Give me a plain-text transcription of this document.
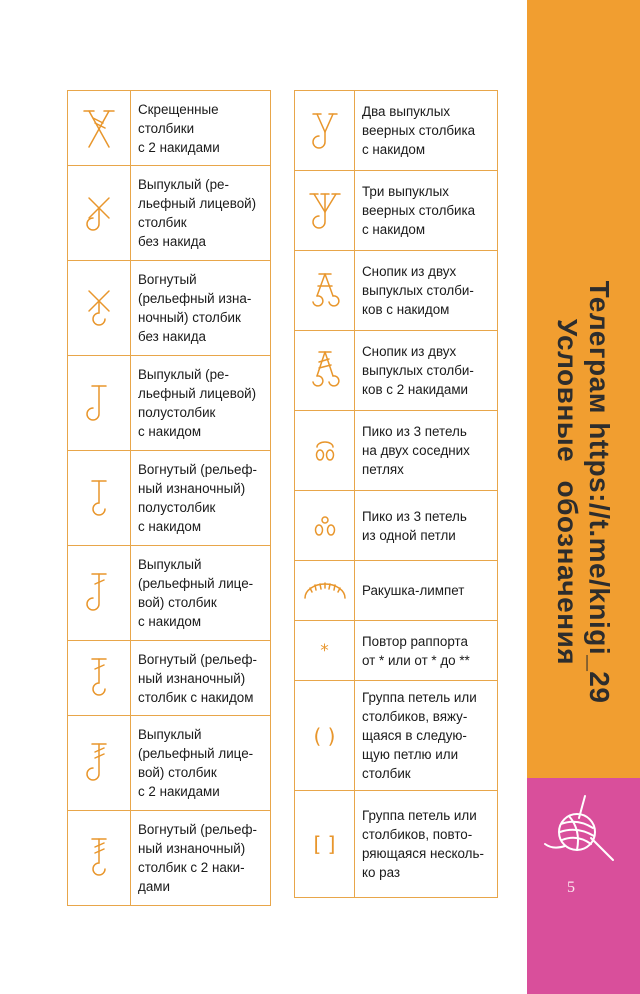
	Скрещенные
столбики
с 2 накидами

	Выпуклый (ре-
льефный лицевой)
столбик
без накида

	Вогнутый
(рельефный изна-
ночный) столбик
без накида

	Выпуклый (ре-
льефный лицевой)
полустолбик
с накидом

	Вогнутый (рельеф-
ный изнаночный)
полустолбик
с накидом

	Выпуклый
(рельефный лице-
вой) столбик
с накидом

	Вогнутый (рельеф-
ный изнаночный)
столбик с накидом

	Выпуклый
(рельефный лице-
вой) столбик
с 2 накидами

	Вогнутый (рельеф-
ный изнаночный)
столбик с 2 наки-
дами
	Два выпуклых
веерных столбика
с накидом

	Три выпуклых
веерных столбика
с накидом

	Снопик из двух
выпуклых столби-
ков с накидом

	Снопик из двух
выпуклых столби-
ков с 2 накидами

	Пико из 3 петель
на двух соседних
петлях

	Пико из 3 петель
из одной петли

	Ракушка-лимпет
*	Повтор раппорта
от * или от * до **
( )	Группа петель или
столбиков, вяжу-
щаяся в следую-
щую петлю или
столбик
[ ]	Группа петель или
столбиков, повто-
ряющаяся несколь-
ко раз
Телеграм https://t.me/knigi_29
Условные обозначения
5
